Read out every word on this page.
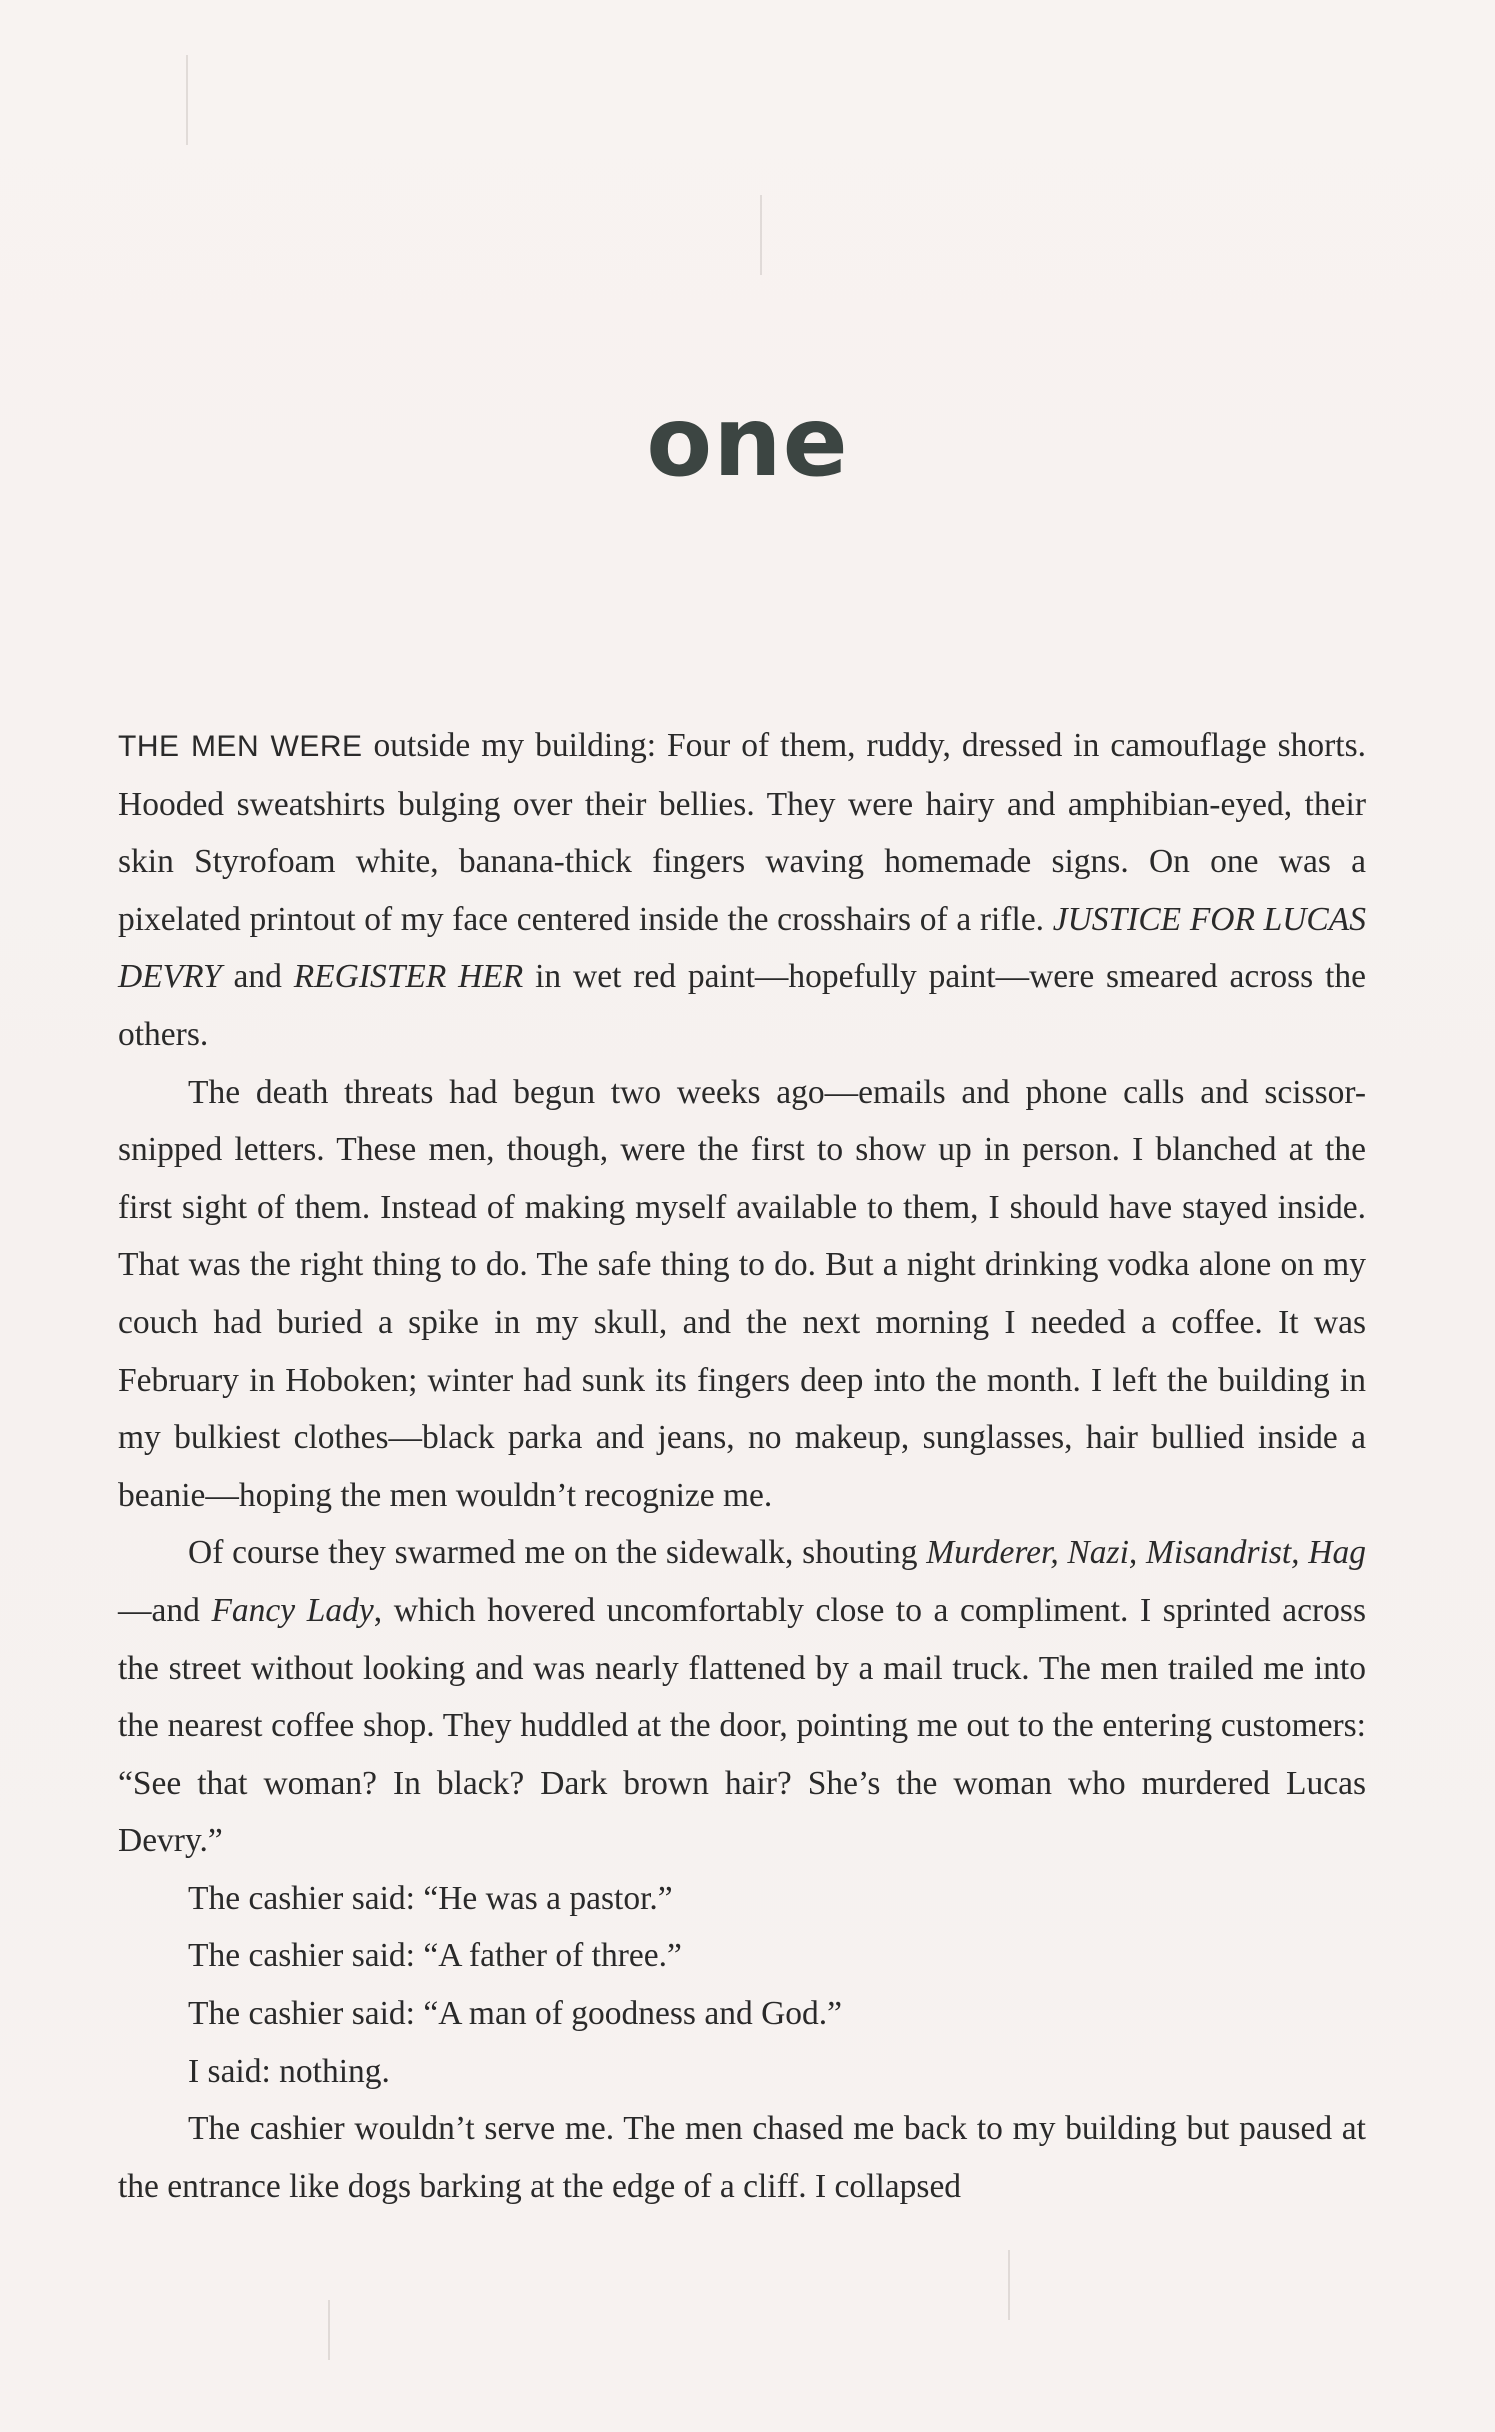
one

THE MEN WERE outside my building: Four of them, ruddy, dressed in camouflage shorts. Hooded sweatshirts bulging over their bellies. They were hairy and amphibian-eyed, their skin Styrofoam white, banana-thick fingers waving homemade signs. On one was a pixelated printout of my face centered inside the crosshairs of a rifle. JUSTICE FOR LUCAS DEVRY and REGISTER HER in wet red paint—hopefully paint—were smeared across the others.

The death threats had begun two weeks ago—emails and phone calls and scissor-snipped letters. These men, though, were the first to show up in person. I blanched at the first sight of them. Instead of making myself available to them, I should have stayed inside. That was the right thing to do. The safe thing to do. But a night drinking vodka alone on my couch had buried a spike in my skull, and the next morning I needed a coffee. It was February in Hoboken; winter had sunk its fingers deep into the month. I left the building in my bulkiest clothes—black parka and jeans, no makeup, sunglasses, hair bullied inside a beanie—hoping the men wouldn’t recognize me.

Of course they swarmed me on the sidewalk, shouting Murderer, Nazi, Misandrist, Hag—and Fancy Lady, which hovered uncomfortably close to a compliment. I sprinted across the street without looking and was nearly flattened by a mail truck. The men trailed me into the nearest coffee shop. They huddled at the door, pointing me out to the entering customers: “See that woman? In black? Dark brown hair? She’s the woman who murdered Lucas Devry.”

The cashier said: “He was a pastor.”

The cashier said: “A father of three.”

The cashier said: “A man of goodness and God.”

I said: nothing.

The cashier wouldn’t serve me. The men chased me back to my building but paused at the entrance like dogs barking at the edge of a cliff. I collapsed
